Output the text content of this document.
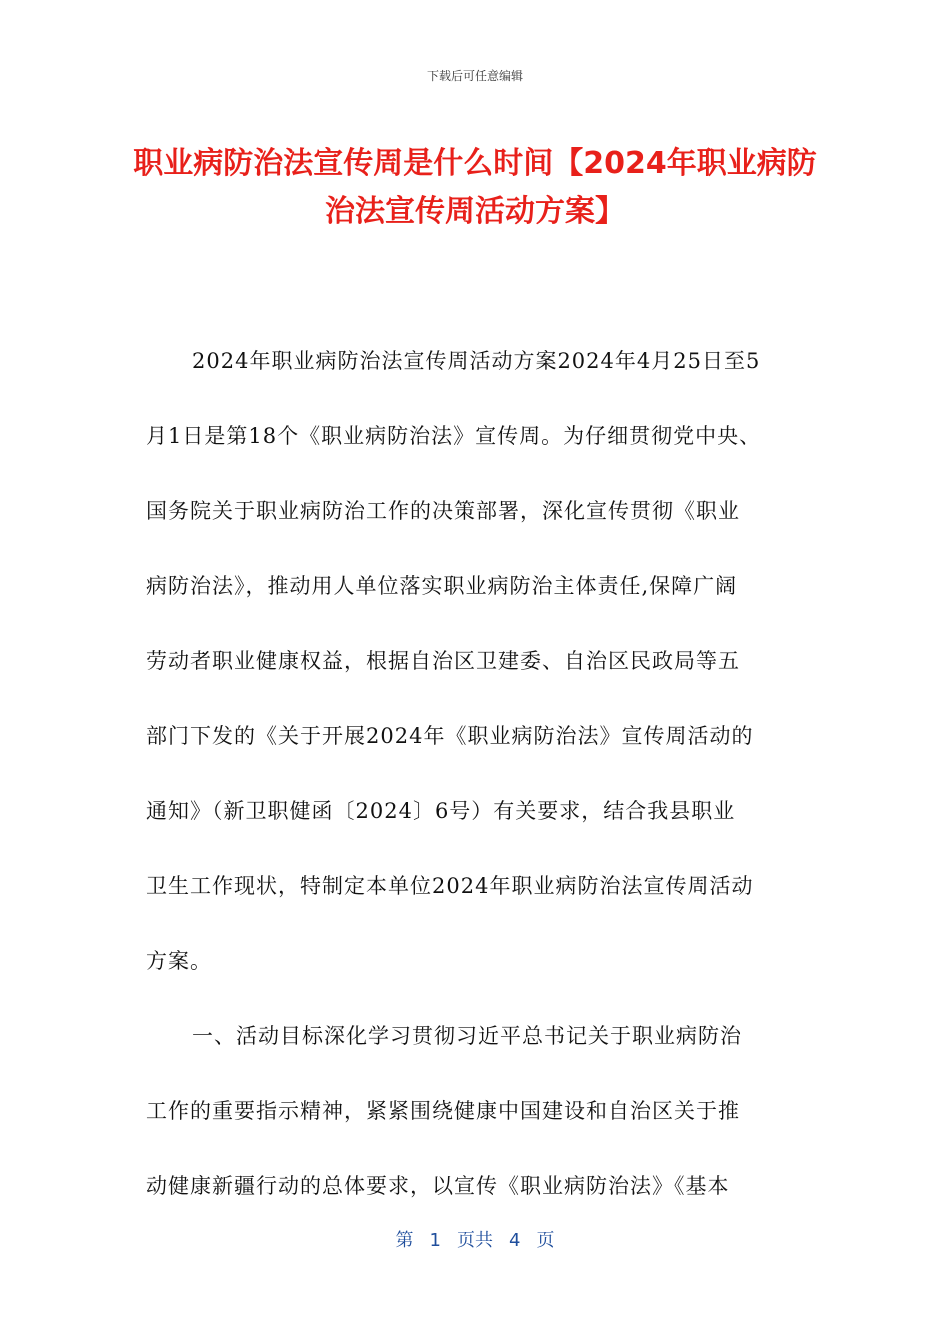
下载后可任意编辑
职业病防治法宣传周是什么时间【2024年职业病防治法宣传周活动方案】
2024年职业病防治法宣传周活动方案2024年4月25日至5
月1日是第18个《职业病防治法》宣传周。为仔细贯彻党中央、
国务院关于职业病防治工作的决策部署，深化宣传贯彻《职业
病防治法》，推动用人单位落实职业病防治主体责任,保障广阔
劳动者职业健康权益，根据自治区卫建委、自治区民政局等五
部门下发的《关于开展2024年《职业病防治法》宣传周活动的
通知》（新卫职健函〔2024〕6号）有关要求，结合我县职业
卫生工作现状，特制定本单位2024年职业病防治法宣传周活动
方案。
一、活动目标深化学习贯彻习近平总书记关于职业病防治
工作的重要指示精神，紧紧围绕健康中国建设和自治区关于推
动健康新疆行动的总体要求，以宣传《职业病防治法》《基本
第 1 页共 4 页
